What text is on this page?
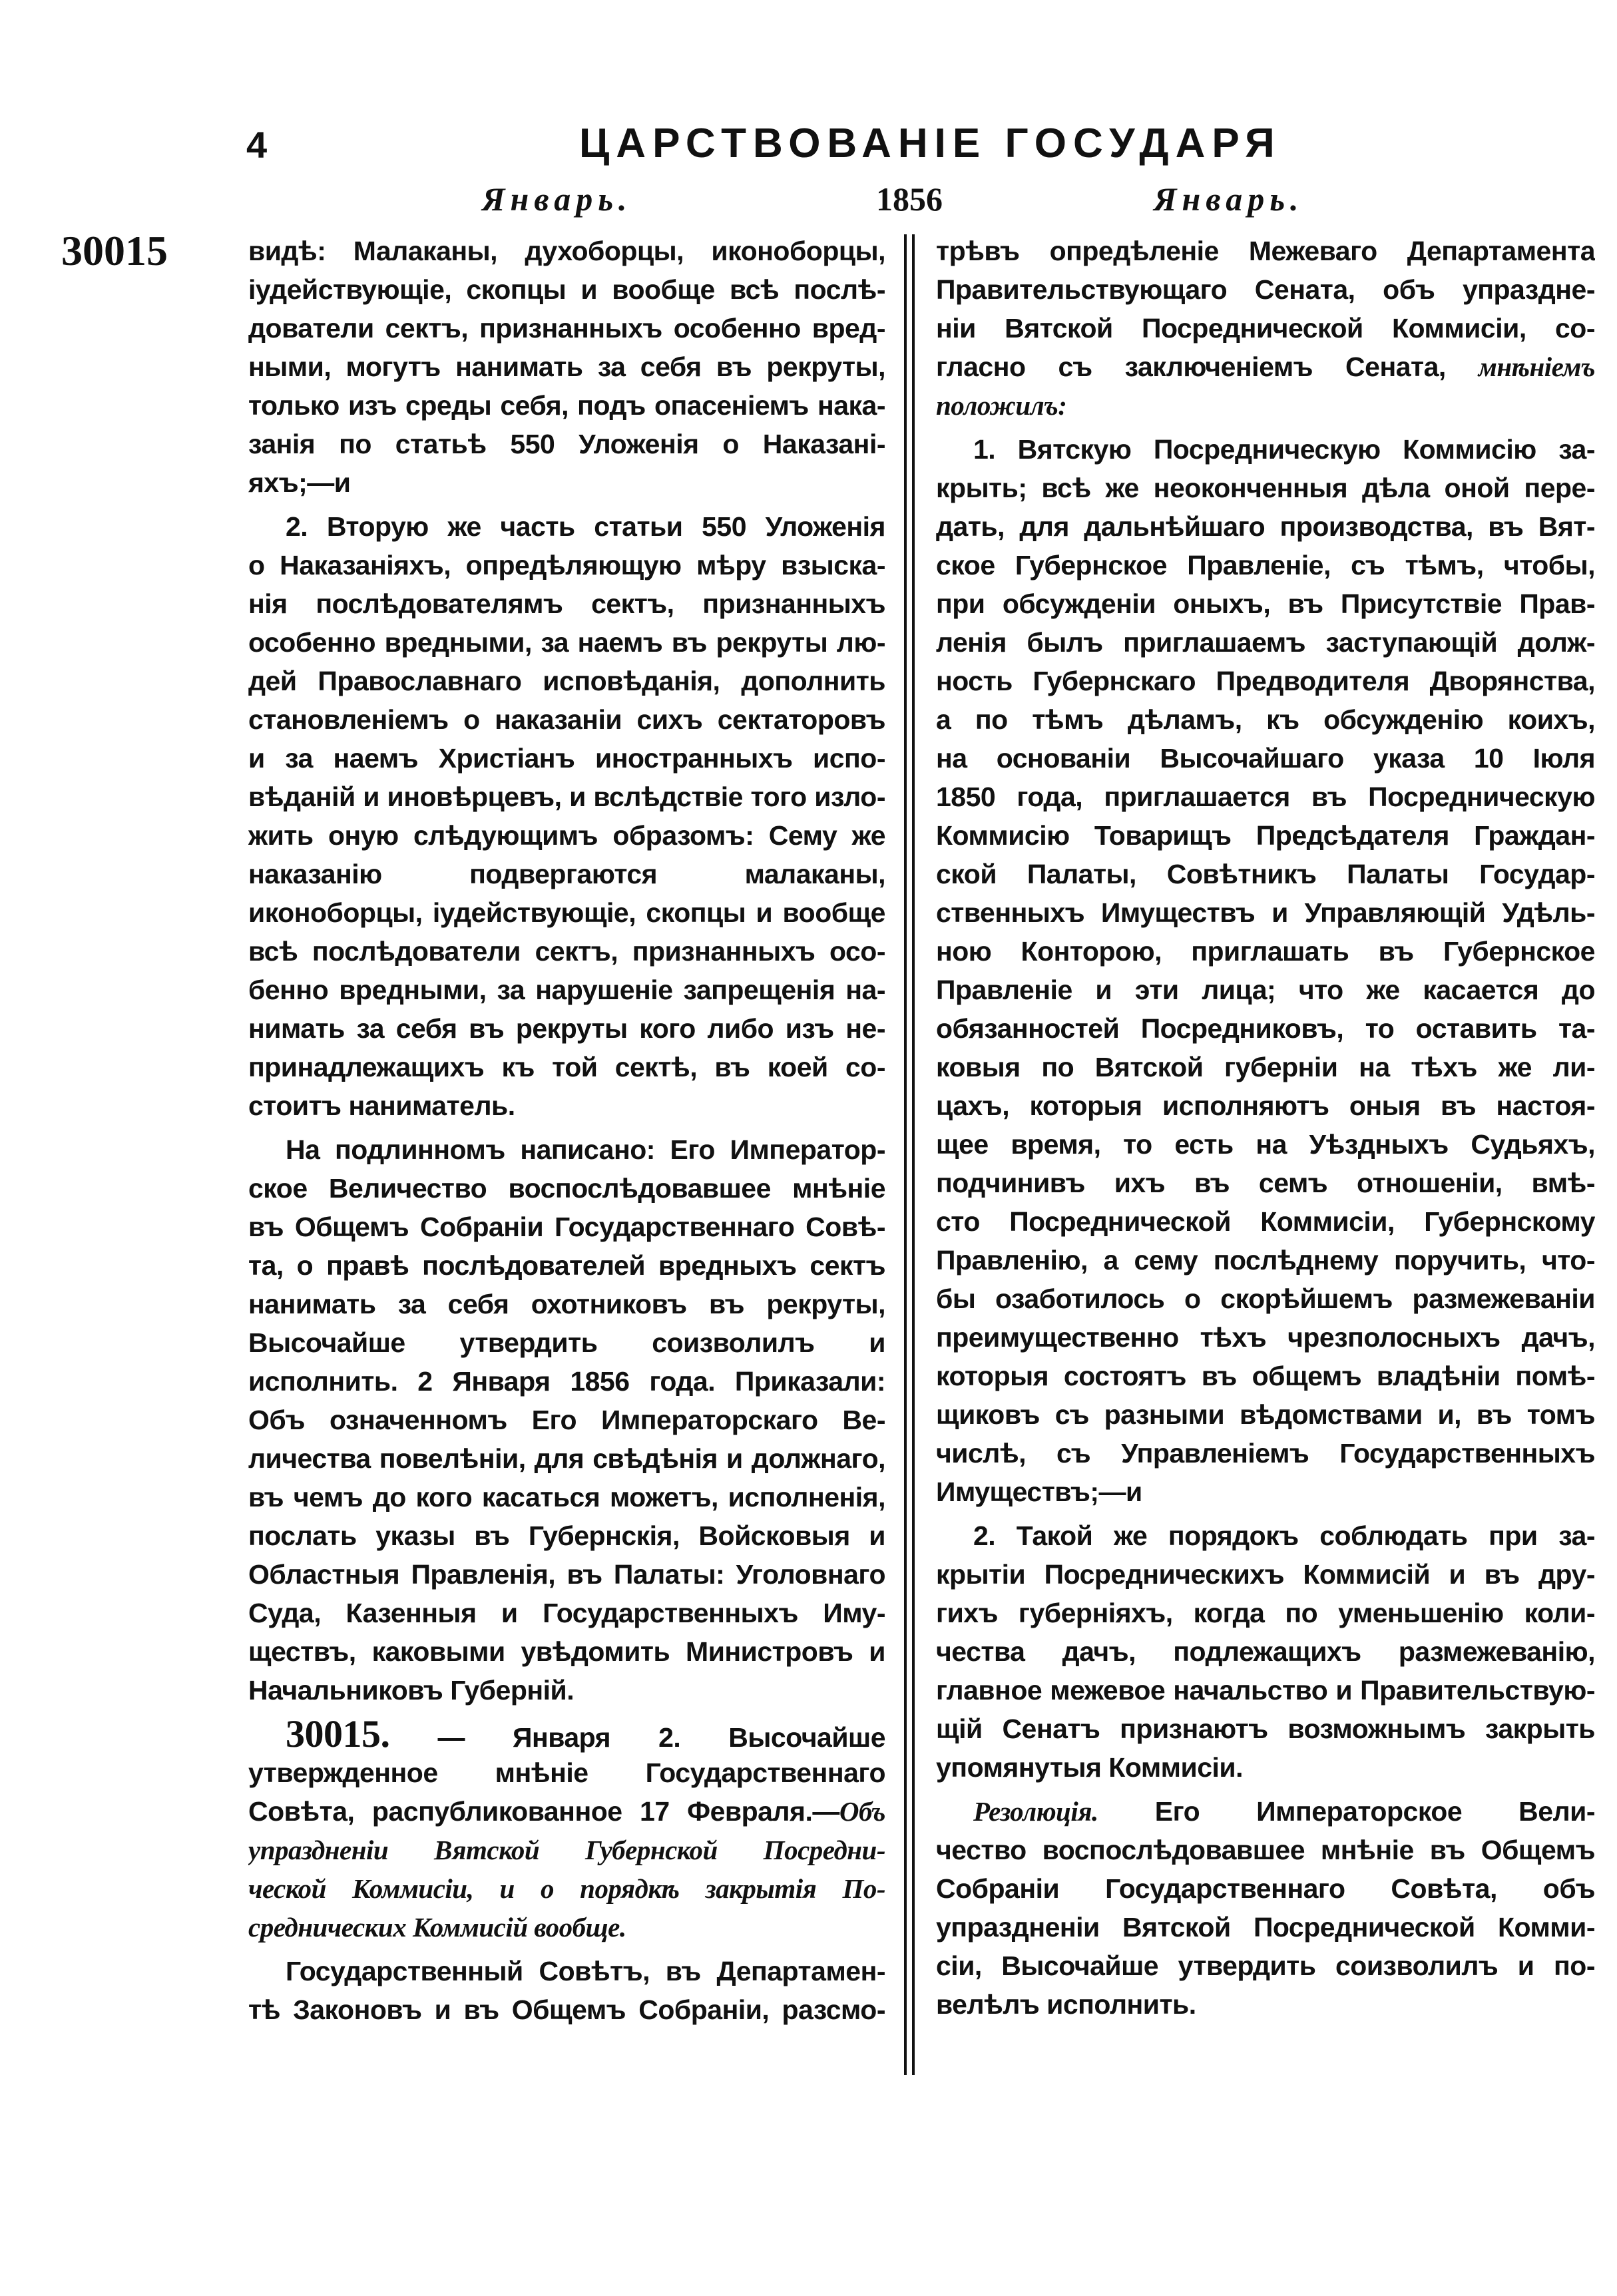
4	ЦАРСТВОВАНІЕ ГОСУДАРЯ
Январь.	1856	Январь.
30015	видѣ: Малаканы, духоборцы, иконоборцы,
іудействующіе, скопцы и вообще всѣ послѣ-
дователи сектъ, признанныхъ особенно вред-
ными, могутъ нанимать за себя въ рекруты,
только изъ среды себя, подъ опасеніемъ нака-
занія по статьѣ 550 Уложенія о Наказані-
яхъ;—и
2. Вторую же часть статьи 550 Уложенія
о Наказаніяхъ, опредѣляющую мѣру взыска-
нія послѣдователямъ сектъ, признанныхъ
особенно вредными, за наемъ въ рекруты лю-
дей Православнаго исповѣданія, дополнить
становленіемъ о наказаніи сихъ сектаторовъ
и за наемъ Христіанъ иностранныхъ испо-
вѣданій и иновѣрцевъ, и вслѣдствіе того изло-
жить оную слѣдующимъ образомъ: Сему же
наказанію подвергаются малаканы,
иконоборцы, іудействующіе, скопцы и вообще
всѣ послѣдователи сектъ, признанныхъ осо-
бенно вредными, за нарушеніе запрещенія на-
нимать за себя въ рекруты кого либо изъ не-
принадлежащихъ къ той сектѣ, въ коей со-
стоитъ наниматель.
На подлинномъ написано: Его Император-
ское Величество воспослѣдовавшее мнѣніе
въ Общемъ Собраніи Государственнаго Совѣ-
та, о правѣ послѣдователей вредныхъ сектъ
нанимать за себя охотниковъ въ рекруты,
Высочайше утвердить соизволилъ и
исполнить. 2 Января 1856 года. Приказали:
Объ означенномъ Его Императорскаго Ве-
личества повелѣніи, для свѣдѣнія и должнаго,
въ чемъ до кого касаться можетъ, исполненія,
послать указы въ Губернскія, Войсковыя и
Областныя Правленія, въ Палаты: Уголовнаго
Суда, Казенныя и Государственныхъ Иму-
ществъ, каковыми увѣдомить Министровъ и
Начальниковъ Губерній.
30015. — Января 2. Высочайше
утвержденное мнѣніе Государственнаго
Совѣта, распубликованное 17 Февраля.—Объ
упраздненіи Вятской Губернской Посредни-
ческой Коммисіи, и о порядкѣ закрытія По-
среднических Коммисій вообще.
Государственный Совѣтъ, въ Департамен-
тѣ Законовъ и въ Общемъ Собраніи, разсмо-
трѣвъ опредѣленіе Межеваго Департамента
Правительствующаго Сената, объ упраздне-
ніи Вятской Посреднической Коммисіи, со-
гласно съ заключеніемъ Сената, мнѣніемъ
положилъ:
1. Вятскую Посредническую Коммисію за-
крыть; всѣ же неоконченныя дѣла оной пере-
дать, для дальнѣйшаго производства, въ Вят-
ское Губернское Правленіе, съ тѣмъ, чтобы,
при обсужденіи оныхъ, въ Присутствіе Прав-
ленія былъ приглашаемъ заступающій долж-
ность Губернскаго Предводителя Дворянства,
а по тѣмъ дѣламъ, къ обсужденію коихъ,
на основаніи Высочайшаго указа 10 Іюля
1850 года, приглашается въ Посредническую
Коммисію Товарищъ Предсѣдателя Граждан-
ской Палаты, Совѣтникъ Палаты Государ-
ственныхъ Имуществъ и Управляющій Удѣль-
ною Конторою, приглашать въ Губернское
Правленіе и эти лица; что же касается до
обязанностей Посредниковъ, то оставить та-
ковыя по Вятской губерніи на тѣхъ же ли-
цахъ, которыя исполняютъ оныя въ настоя-
щее время, то есть на Уѣздныхъ Судьяхъ,
подчинивъ ихъ въ семъ отношеніи, вмѣ-
сто Посреднической Коммисіи, Губернскому
Правленію, а сему послѣднему поручить, что-
бы озаботилось о скорѣйшемъ размежеваніи
преимущественно тѣхъ чрезполосныхъ дачъ,
которыя состоятъ въ общемъ владѣніи помѣ-
щиковъ съ разными вѣдомствами и, въ томъ
числѣ, съ Управленіемъ Государственныхъ
Имуществъ;—и
2. Такой же порядокъ соблюдать при за-
крытіи Посредническихъ Коммисій и въ дру-
гихъ губерніяхъ, когда по уменьшенію коли-
чества дачъ, подлежащихъ размежеванію,
главное межевое начальство и Правительствую-
щій Сенатъ признаютъ возможнымъ закрыть
упомянутыя Коммисіи.
Резолюція. Его Императорское Вели-
чество воспослѣдовавшее мнѣніе въ Общемъ
Собраніи Государственнаго Совѣта, объ
упраздненіи Вятской Посреднической Комми-
сіи, Высочайше утвердить соизволилъ и по-
велѣлъ исполнить.
